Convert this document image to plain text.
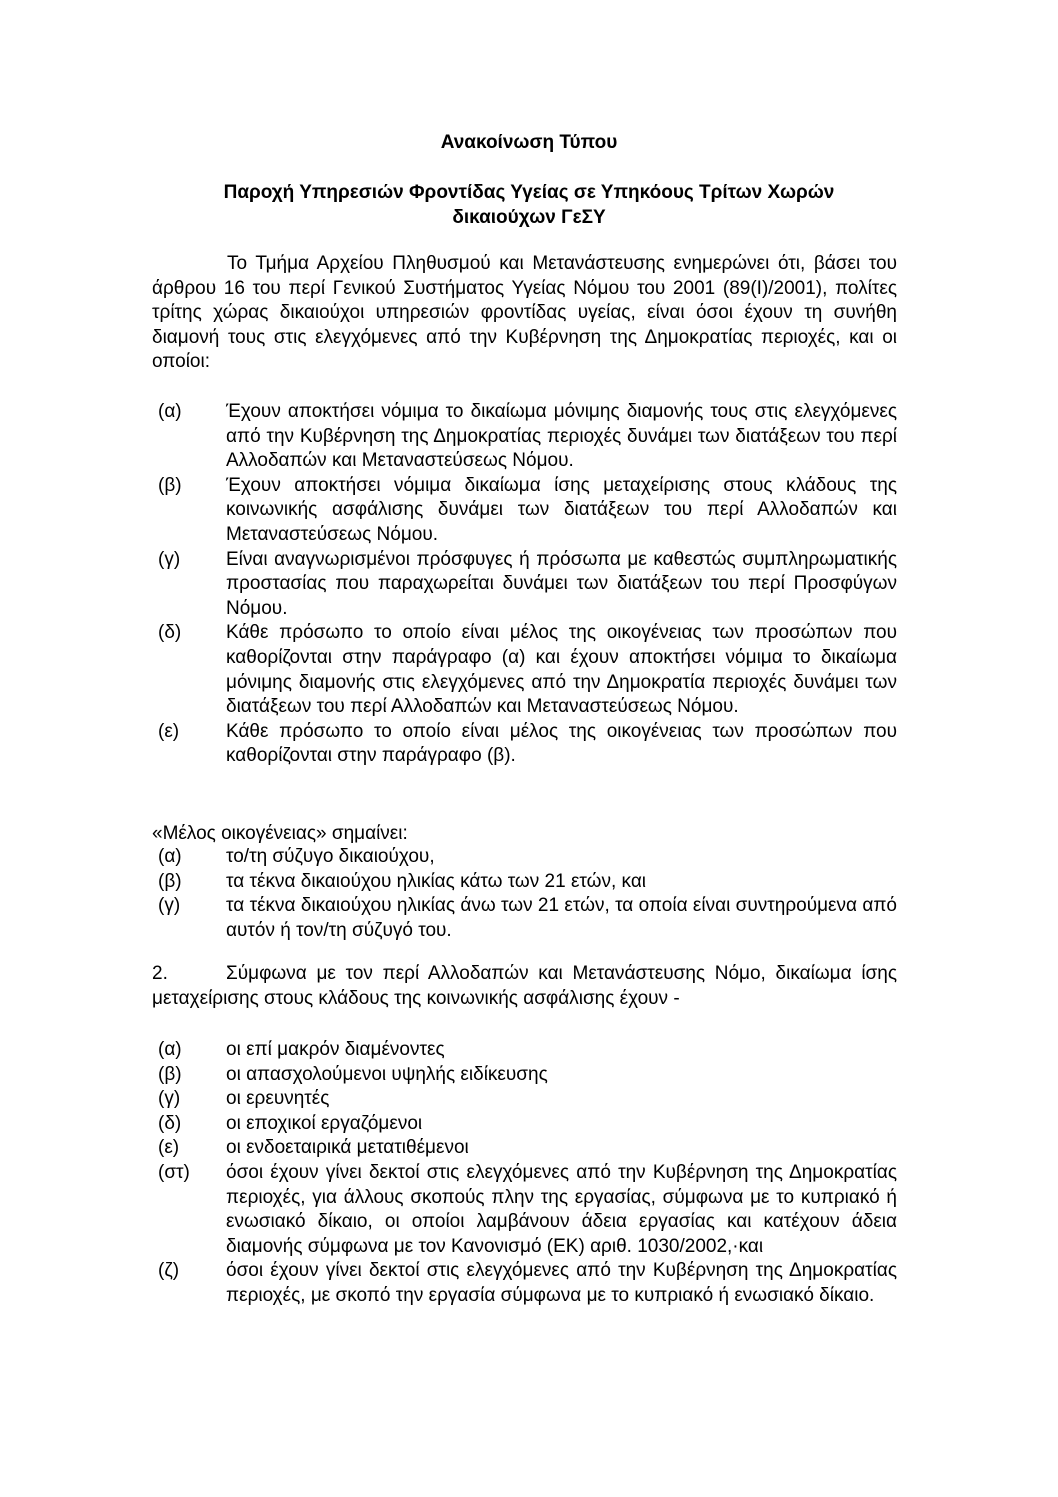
Ανακοίνωση Τύπου
Παροχή Υπηρεσιών Φροντίδας Υγείας σε Υπηκόους Τρίτων Χωρών
δικαιούχων ΓεΣΥ
Το Τμήμα Αρχείου Πληθυσμού και Μετανάστευσης ενημερώνει ότι, βάσει του άρθρου 16 του περί Γενικού Συστήματος Υγείας Νόμου του 2001 (89(Ι)/2001), πολίτες τρίτης χώρας δικαιούχοι υπηρεσιών φροντίδας υγείας, είναι όσοι έχουν τη συνήθη διαμονή τους στις ελεγχόμενες από την Κυβέρνηση της Δημοκρατίας περιοχές, και οι οποίοι:
(α) Έχουν αποκτήσει νόμιμα το δικαίωμα μόνιμης διαμονής τους στις ελεγχόμενες από την Κυβέρνηση της Δημοκρατίας περιοχές δυνάμει των διατάξεων του περί Αλλοδαπών και Μεταναστεύσεως Νόμου.
(β) Έχουν αποκτήσει νόμιμα δικαίωμα ίσης μεταχείρισης στους κλάδους της κοινωνικής ασφάλισης δυνάμει των διατάξεων του περί Αλλοδαπών και Μεταναστεύσεως Νόμου.
(γ) Είναι αναγνωρισμένοι πρόσφυγες ή πρόσωπα με καθεστώς συμπληρωματικής προστασίας που παραχωρείται δυνάμει των διατάξεων του περί Προσφύγων Νόμου.
(δ) Κάθε πρόσωπο το οποίο είναι μέλος της οικογένειας των προσώπων που καθορίζονται στην παράγραφο (α) και έχουν αποκτήσει νόμιμα το δικαίωμα μόνιμης διαμονής στις ελεγχόμενες από την Δημοκρατία περιοχές δυνάμει των διατάξεων του περί Αλλοδαπών και Μεταναστεύσεως Νόμου.
(ε) Κάθε πρόσωπο το οποίο είναι μέλος της οικογένειας των προσώπων που καθορίζονται στην παράγραφο (β).
«Μέλος οικογένειας» σημαίνει:
(α) το/τη σύζυγο δικαιούχου,
(β) τα τέκνα δικαιούχου ηλικίας κάτω των 21 ετών, και
(γ) τα τέκνα δικαιούχου ηλικίας άνω των 21 ετών, τα οποία είναι συντηρούμενα από αυτόν ή τον/τη σύζυγό του.
2.	Σύμφωνα με τον περί Αλλοδαπών και Μετανάστευσης Νόμο, δικαίωμα ίσης μεταχείρισης στους κλάδους της κοινωνικής ασφάλισης έχουν -
(α) οι επί μακρόν διαμένοντες
(β) οι απασχολούμενοι υψηλής ειδίκευσης
(γ) οι ερευνητές
(δ) οι εποχικοί εργαζόμενοι
(ε) οι ενδοεταιρικά μετατιθέμενοι
(στ) όσοι έχουν γίνει δεκτοί στις ελεγχόμενες από την Κυβέρνηση της Δημοκρατίας περιοχές, για άλλους σκοπούς πλην της εργασίας, σύμφωνα με το κυπριακό ή ενωσιακό δίκαιο, οι οποίοι λαμβάνουν άδεια εργασίας και κατέχουν άδεια διαμονής σύμφωνα με τον Κανονισμό (ΕΚ) αριθ. 1030/2002,·και
(ζ) όσοι έχουν γίνει δεκτοί στις ελεγχόμενες από την Κυβέρνηση της Δημοκρατίας περιοχές, με σκοπό την εργασία σύμφωνα με το κυπριακό ή ενωσιακό δίκαιο.
